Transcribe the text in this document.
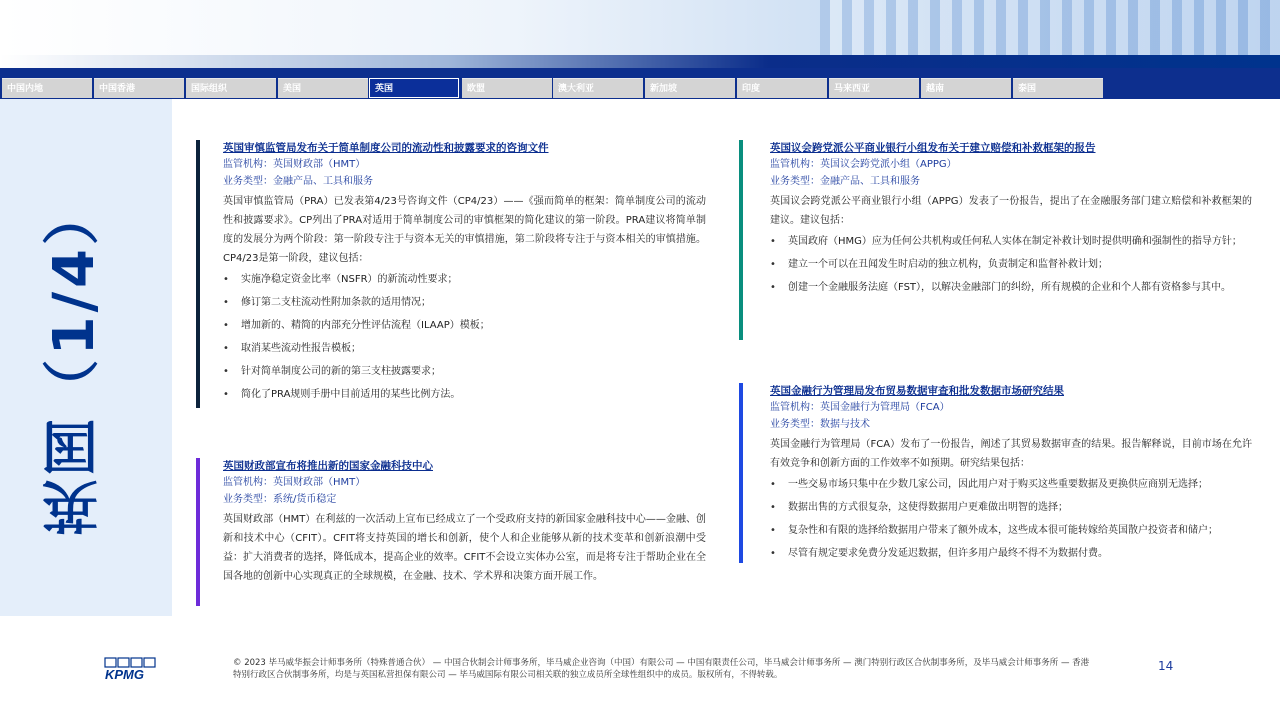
中国内地	中国香港	国际组织	美国	英国	欧盟	澳大利亚	新加坡	印度	马来西亚	越南	泰国
英国（1/4）
英国审慎监管局发布关于简单制度公司的流动性和披露要求的咨询文件
监管机构：英国财政部（HMT）
业务类型：金融产品、工具和服务
英国审慎监管局（PRA）已发表第4/23号咨询文件（CP4/23）——《强而简单的框架：简单制度公司的流动性和披露要求》。CP列出了PRA对适用于简单制度公司的审慎框架的简化建议的第一阶段。PRA建议将简单制度的发展分为两个阶段：第一阶段专注于与资本无关的审慎措施，第二阶段将专注于与资本相关的审慎措施。CP4/23是第一阶段，建议包括：
• 实施净稳定资金比率（NSFR）的新流动性要求；
• 修订第二支柱流动性附加条款的适用情况；
• 增加新的、精简的内部充分性评估流程（ILAAP）模板；
• 取消某些流动性报告模板；
• 针对简单制度公司的新的第三支柱披露要求；
• 简化了PRA规则手册中目前适用的某些比例方法。
英国财政部宣布将推出新的国家金融科技中心
监管机构：英国财政部（HMT）
业务类型：系统/货币稳定
英国财政部（HMT）在利兹的一次活动上宣布已经成立了一个受政府支持的新国家金融科技中心——金融、创新和技术中心（CFIT）。CFIT将支持英国的增长和创新，使个人和企业能够从新的技术变革和创新浪潮中受益：扩大消费者的选择，降低成本，提高企业的效率。CFIT不会设立实体办公室，而是将专注于帮助企业在全国各地的创新中心实现真正的全球规模，在金融、技术、学术界和决策方面开展工作。
英国议会跨党派公平商业银行小组发布关于建立赔偿和补救框架的报告
监管机构：英国议会跨党派小组（APPG）
业务类型：金融产品、工具和服务
英国议会跨党派公平商业银行小组（APPG）发表了一份报告，提出了在金融服务部门建立赔偿和补救框架的建议。建议包括：
• 英国政府（HMG）应为任何公共机构或任何私人实体在制定补救计划时提供明确和强制性的指导方针；
• 建立一个可以在丑闻发生时启动的独立机构，负责制定和监督补救计划；
• 创建一个金融服务法庭（FST），以解决金融部门的纠纷，所有规模的企业和个人都有资格参与其中。
英国金融行为管理局发布贸易数据审查和批发数据市场研究结果
监管机构：英国金融行为管理局（FCA）
业务类型：数据与技术
英国金融行为管理局（FCA）发布了一份报告，阐述了其贸易数据审查的结果。报告解释说，目前市场在允许有效竞争和创新方面的工作效率不如预期。研究结果包括：
• 一些交易市场只集中在少数几家公司，因此用户对于购买这些重要数据及更换供应商别无选择；
• 数据出售的方式很复杂，这使得数据用户更难做出明智的选择；
• 复杂性和有限的选择给数据用户带来了额外成本，这些成本很可能转嫁给英国散户投资者和储户；
• 尽管有规定要求免费分发延迟数据，但许多用户最终不得不为数据付费。
KPMG
© 2023 毕马威华振会计师事务所（特殊普通合伙） — 中国合伙制会计师事务所，毕马威企业咨询（中国）有限公司 — 中国有限责任公司，毕马威会计师事务所 — 澳门特别行政区合伙制事务所，及毕马威会计师事务所 — 香港特别行政区合伙制事务所，均是与英国私营担保有限公司 — 毕马威国际有限公司相关联的独立成员所全球性组织中的成员。版权所有，不得转载。
14
